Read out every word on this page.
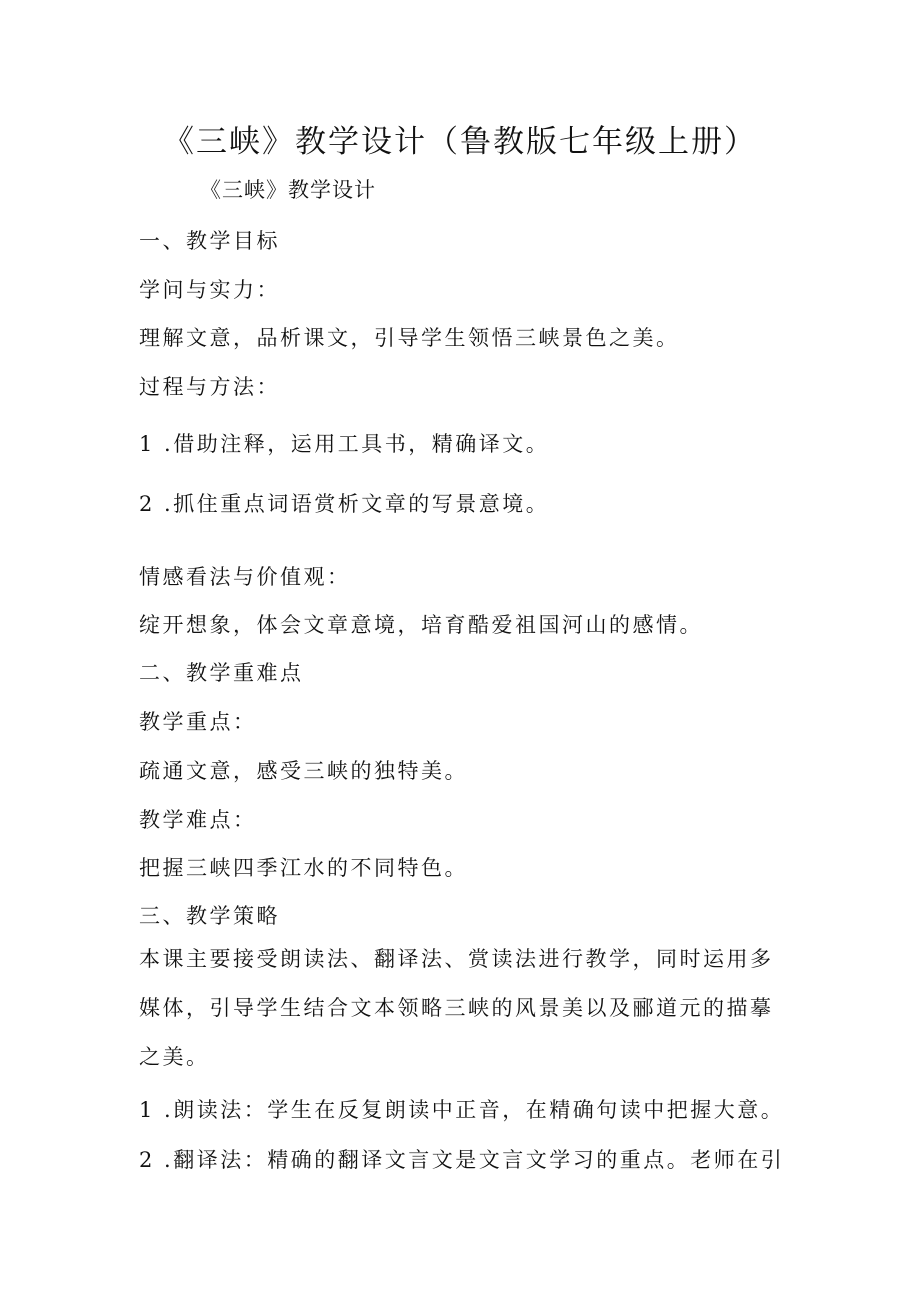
《三峡》教学设计（鲁教版七年级上册）
《三峡》教学设计
一、教学目标
学问与实力：
理解文意，品析课文，引导学生领悟三峡景色之美。
过程与方法：
1 .借助注释，运用工具书，精确译文。
2 .抓住重点词语赏析文章的写景意境。
情感看法与价值观：
绽开想象，体会文章意境，培育酷爱祖国河山的感情。
二、教学重难点
教学重点：
疏通文意，感受三峡的独特美。
教学难点：
把握三峡四季江水的不同特色。
三、教学策略
本课主要接受朗读法、翻译法、赏读法进行教学，同时运用多媒体，引导学生结合文本领略三峡的风景美以及郦道元的描摹之美。
1 .朗读法：学生在反复朗读中正音，在精确句读中把握大意。
2 .翻译法：精确的翻译文言文是文言文学习的重点。老师在引
